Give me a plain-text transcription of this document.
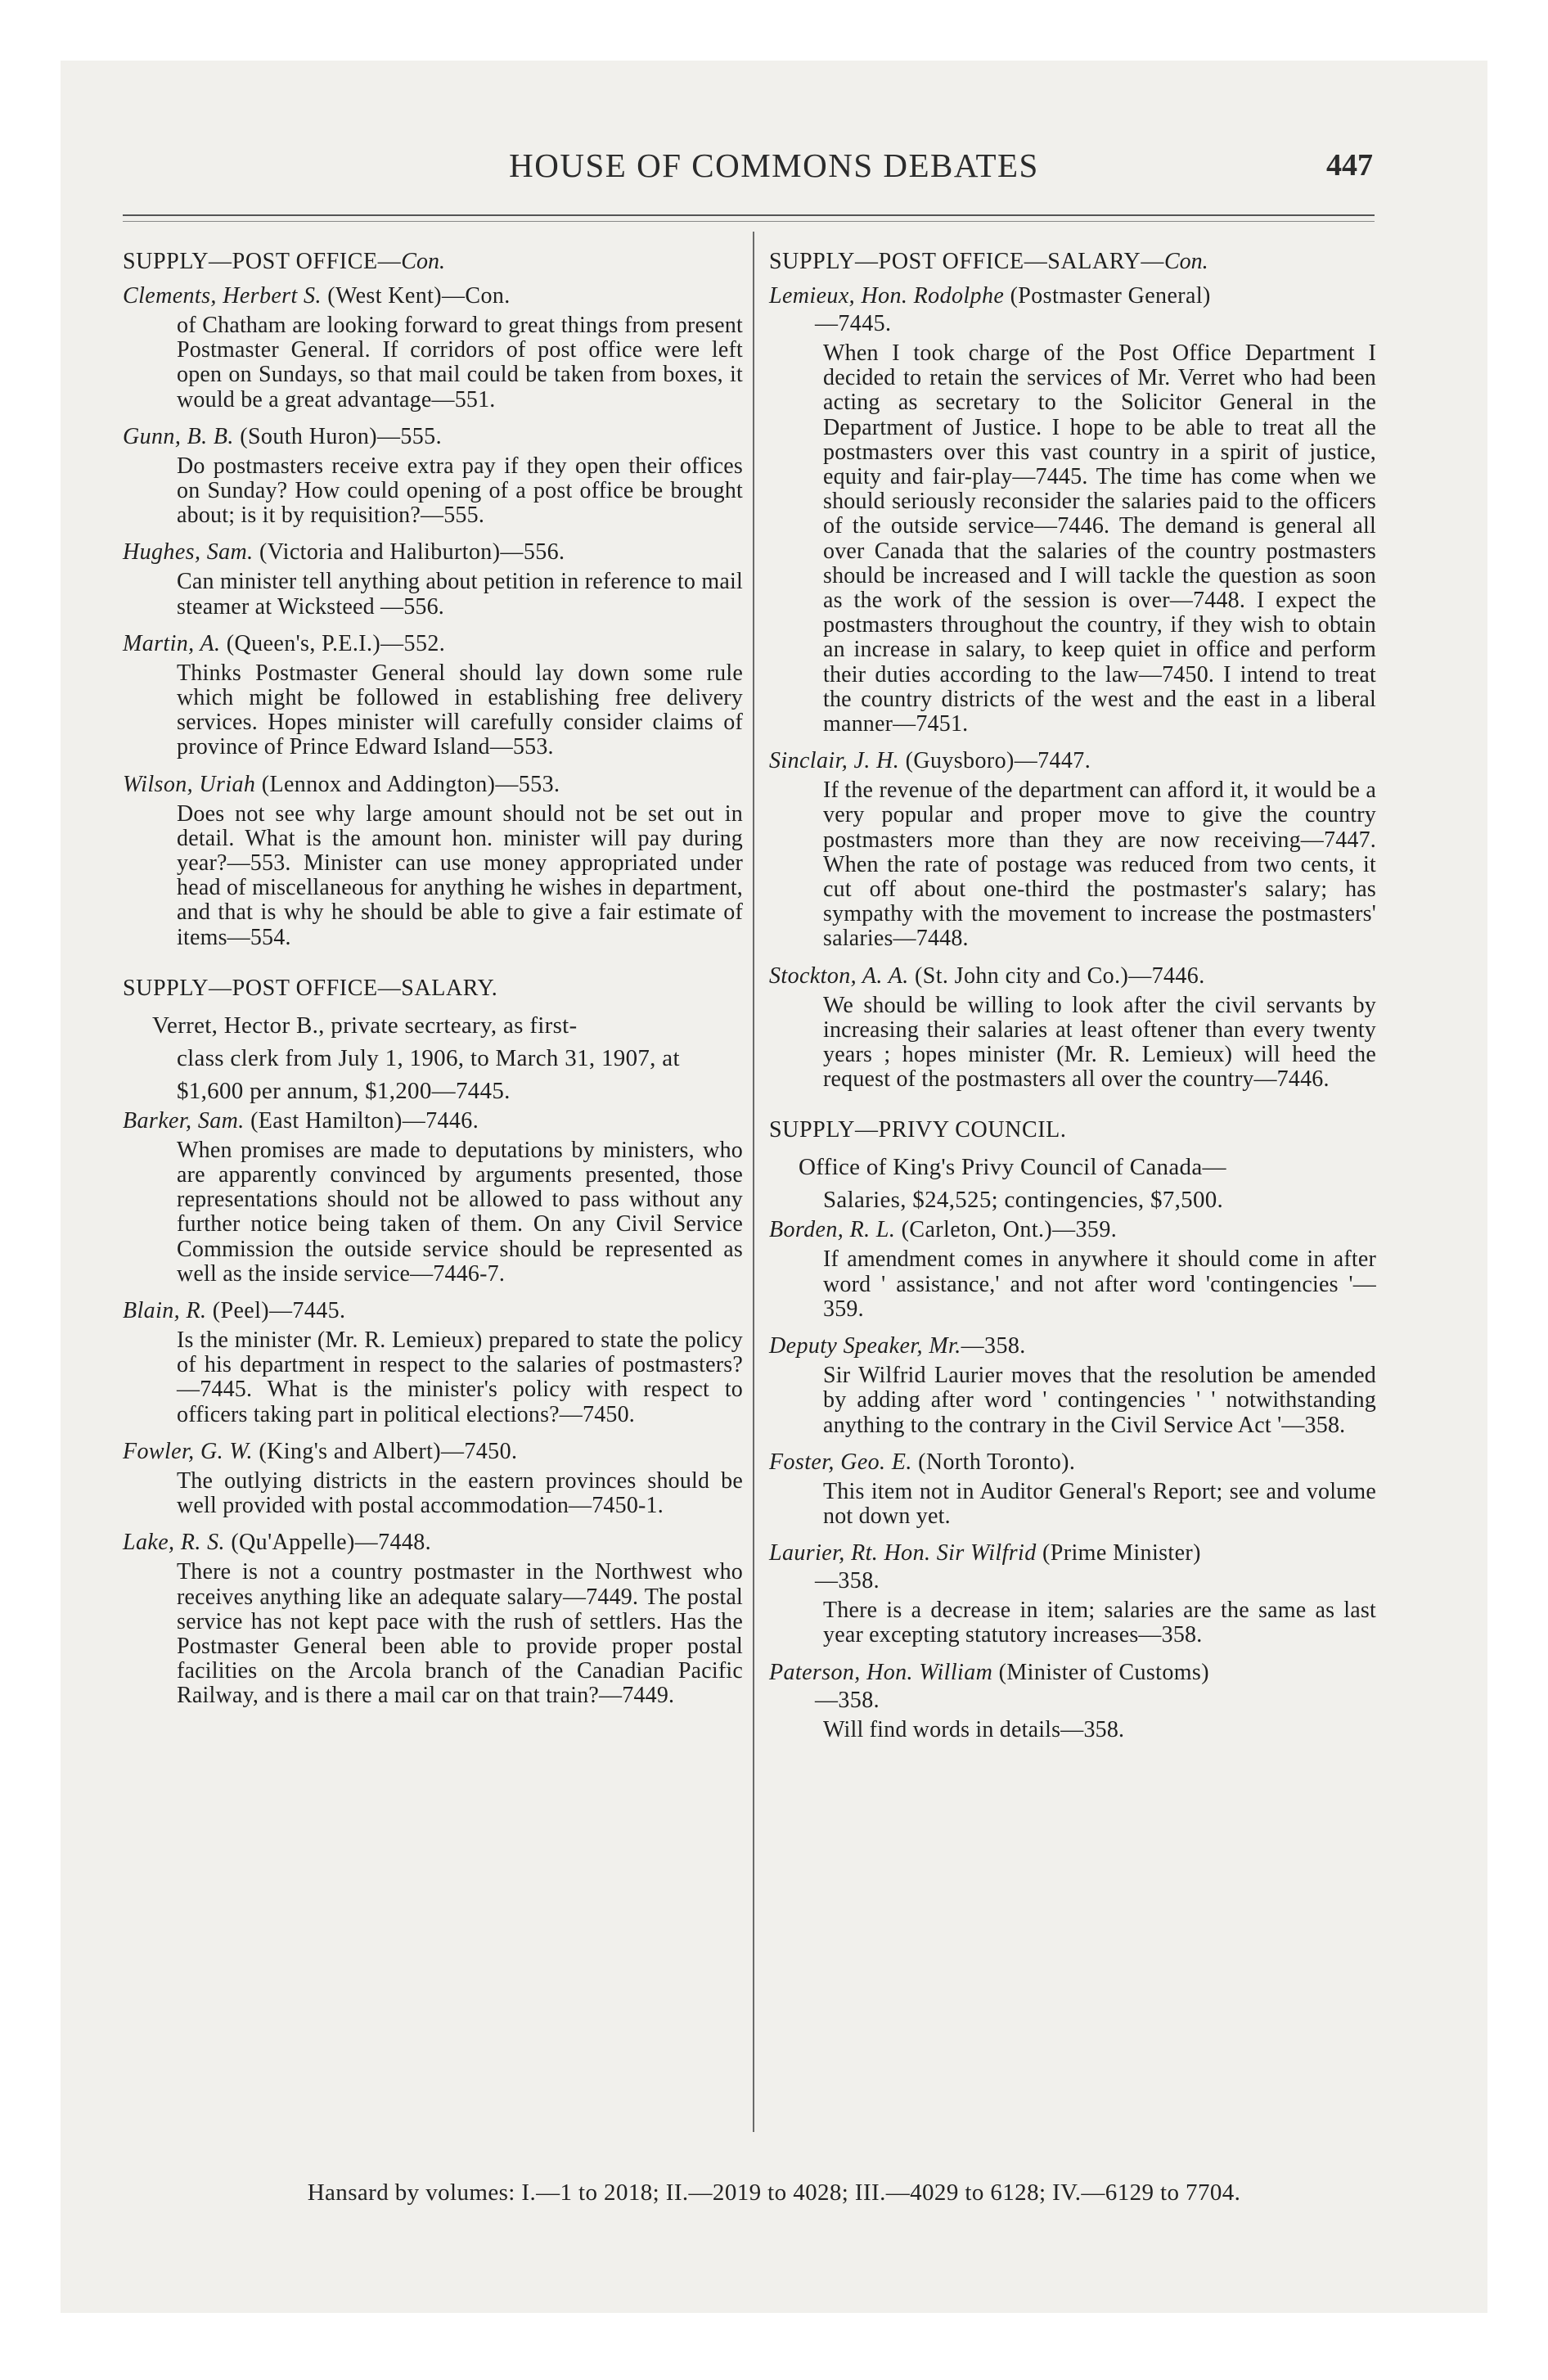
HOUSE OF COMMONS DEBATES	447
SUPPLY—POST OFFICE—Con.
Clements, Herbert S. (West Kent)—Con.
of Chatham are looking forward to great things from present Postmaster General. If corridors of post office were left open on Sundays, so that mail could be taken from boxes, it would be a great advantage—551.
Gunn, B. B. (South Huron)—555.
Do postmasters receive extra pay if they open their offices on Sunday? How could opening of a post office be brought about; is it by requisition?—555.
Hughes, Sam. (Victoria and Haliburton)—556.
Can minister tell anything about petition in reference to mail steamer at Wicksteed —556.
Martin, A. (Queen's, P.E.I.)—552.
Thinks Postmaster General should lay down some rule which might be followed in establishing free delivery services. Hopes minister will carefully consider claims of province of Prince Edward Island—553.
Wilson, Uriah (Lennox and Addington)—553.
Does not see why large amount should not be set out in detail. What is the amount hon. minister will pay during year?—553. Minister can use money appropriated under head of miscellaneous for anything he wishes in department, and that is why he should be able to give a fair estimate of items—554.
SUPPLY—POST OFFICE—SALARY.
Verret, Hector B., private secrteary, as first-
class clerk from July 1, 1906, to March 31, 1907, at $1,600 per annum, $1,200—7445.
Barker, Sam. (East Hamilton)—7446.
When promises are made to deputations by ministers, who are apparently convinced by arguments presented, those representations should not be allowed to pass without any further notice being taken of them. On any Civil Service Commission the outside service should be represented as well as the inside service—7446-7.
Blain, R. (Peel)—7445.
Is the minister (Mr. R. Lemieux) prepared to state the policy of his department in respect to the salaries of postmasters?—7445. What is the minister's policy with respect to officers taking part in political elections?—7450.
Fowler, G. W. (King's and Albert)—7450.
The outlying districts in the eastern provinces should be well provided with postal accommodation—7450-1.
Lake, R. S. (Qu'Appelle)—7448.
There is not a country postmaster in the Northwest who receives anything like an adequate salary—7449. The postal service has not kept pace with the rush of settlers. Has the Postmaster General been able to provide proper postal facilities on the Arcola branch of the Canadian Pacific Railway, and is there a mail car on that train?—7449.
SUPPLY—POST OFFICE—SALARY—Con.
Lemieux, Hon. Rodolphe (Postmaster General)
—7445.
When I took charge of the Post Office Department I decided to retain the services of Mr. Verret who had been acting as secretary to the Solicitor General in the Department of Justice. I hope to be able to treat all the postmasters over this vast country in a spirit of justice, equity and fair-play—7445. The time has come when we should seriously reconsider the salaries paid to the officers of the outside service—7446. The demand is general all over Canada that the salaries of the country postmasters should be increased and I will tackle the question as soon as the work of the session is over—7448. I expect the postmasters throughout the country, if they wish to obtain an increase in salary, to keep quiet in office and perform their duties according to the law—7450. I intend to treat the country districts of the west and the east in a liberal manner—7451.
Sinclair, J. H. (Guysboro)—7447.
If the revenue of the department can afford it, it would be a very popular and proper move to give the country postmasters more than they are now receiving—7447. When the rate of postage was reduced from two cents, it cut off about one-third the postmaster's salary; has sympathy with the movement to increase the postmasters' salaries—7448.
Stockton, A. A. (St. John city and Co.)—7446.
We should be willing to look after the civil servants by increasing their salaries at least oftener than every twenty years ; hopes minister (Mr. R. Lemieux) will heed the request of the postmasters all over the country—7446.
SUPPLY—PRIVY COUNCIL.
Office of King's Privy Council of Canada—
Salaries, $24,525; contingencies, $7,500.
Borden, R. L. (Carleton, Ont.)—359.
If amendment comes in anywhere it should come in after word ' assistance,' and not after word 'contingencies '—359.
Deputy Speaker, Mr.—358.
Sir Wilfrid Laurier moves that the resolution be amended by adding after word ' contingencies ' ' notwithstanding anything to the contrary in the Civil Service Act '—358.
Foster, Geo. E. (North Toronto).
This item not in Auditor General's Report; see and volume not down yet.
Laurier, Rt. Hon. Sir Wilfrid (Prime Minister)
—358.
There is a decrease in item; salaries are the same as last year excepting statutory increases—358.
Paterson, Hon. William (Minister of Customs)
—358.
Will find words in details—358.
Hansard by volumes: I.—1 to 2018; II.—2019 to 4028; III.—4029 to 6128; IV.—6129 to 7704.
